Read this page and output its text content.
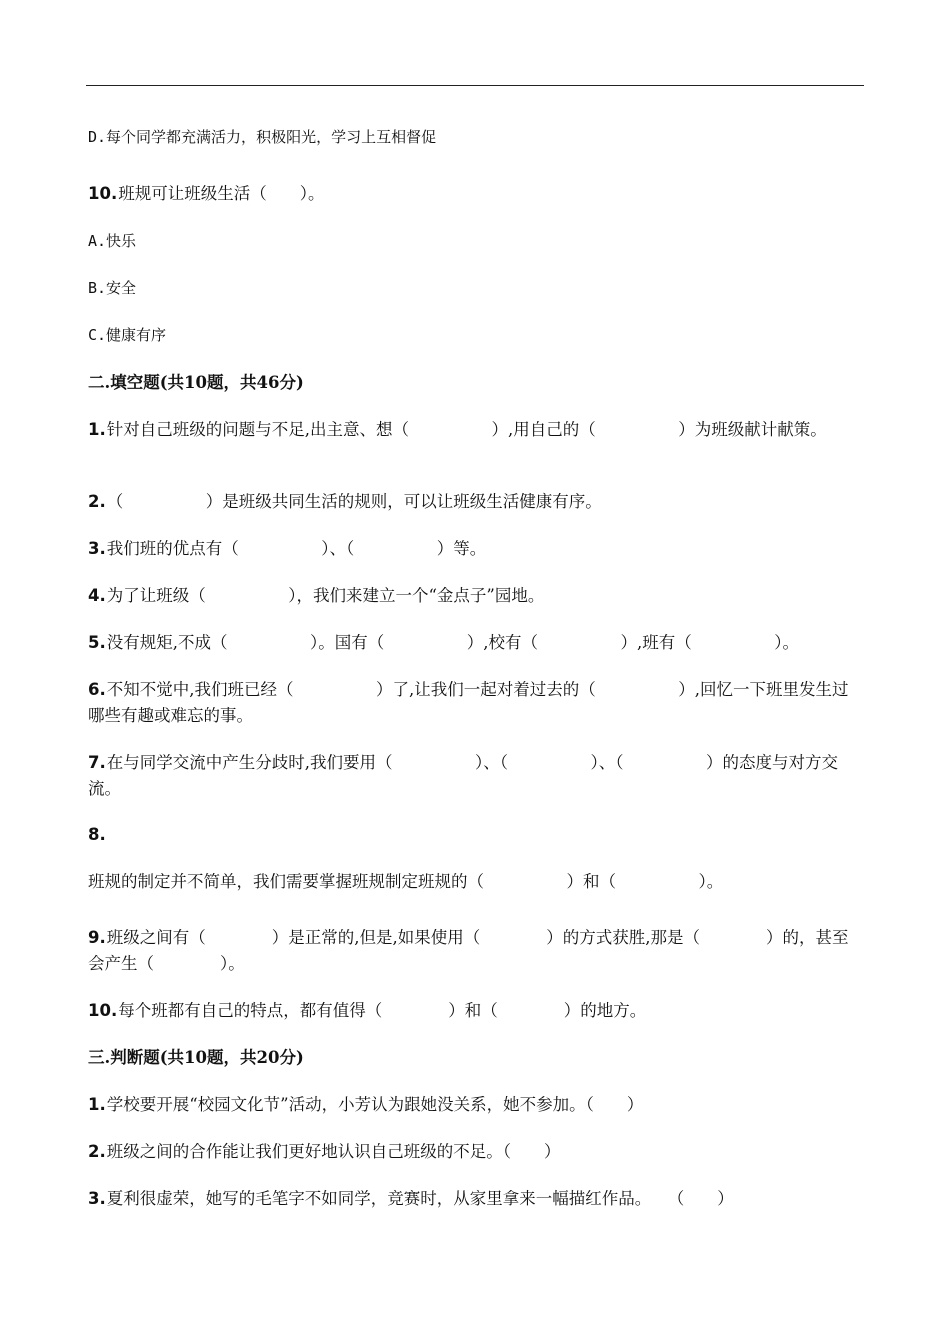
D.每个同学都充满活力，积极阳光，学习上互相督促
10.班规可让班级生活（　　）。
A.快乐
B.安全
C.健康有序
二.填空题(共10题，共46分)
1.针对自己班级的问题与不足,出主意、想（　　　　　）,用自己的（　　　　　）为班级献计献策。
2.（　　　　　）是班级共同生活的规则，可以让班级生活健康有序。
3.我们班的优点有（　　　　　）、（　　　　　）等。
4.为了让班级（　　　　　），我们来建立一个“金点子”园地。
5.没有规矩,不成（　　　　　）。国有（　　　　　）,校有（　　　　　）,班有（　　　　　）。
6.不知不觉中,我们班已经（　　　　　）了,让我们一起对着过去的（　　　　　）,回忆一下班里发生过哪些有趣或难忘的事。
7.在与同学交流中产生分歧时,我们要用（　　　　　）、（　　　　　）、（　　　　　）的态度与对方交流。
8.
班规的制定并不简单，我们需要掌握班规制定班规的（　　　　　）和（　　　　　）。
9.班级之间有（　　　　）是正常的,但是,如果使用（　　　　）的方式获胜,那是（　　　　）的，甚至会产生（　　　　）。
10.每个班都有自己的特点，都有值得（　　　　）和（　　　　）的地方。
三.判断题(共10题，共20分)
1.学校要开展“校园文化节”活动，小芳认为跟她没关系，她不参加。（　　）
2.班级之间的合作能让我们更好地认识自己班级的不足。（　　）
3.夏利很虚荣，她写的毛笔字不如同学，竞赛时，从家里拿来一幅描红作品。　　（　　）
